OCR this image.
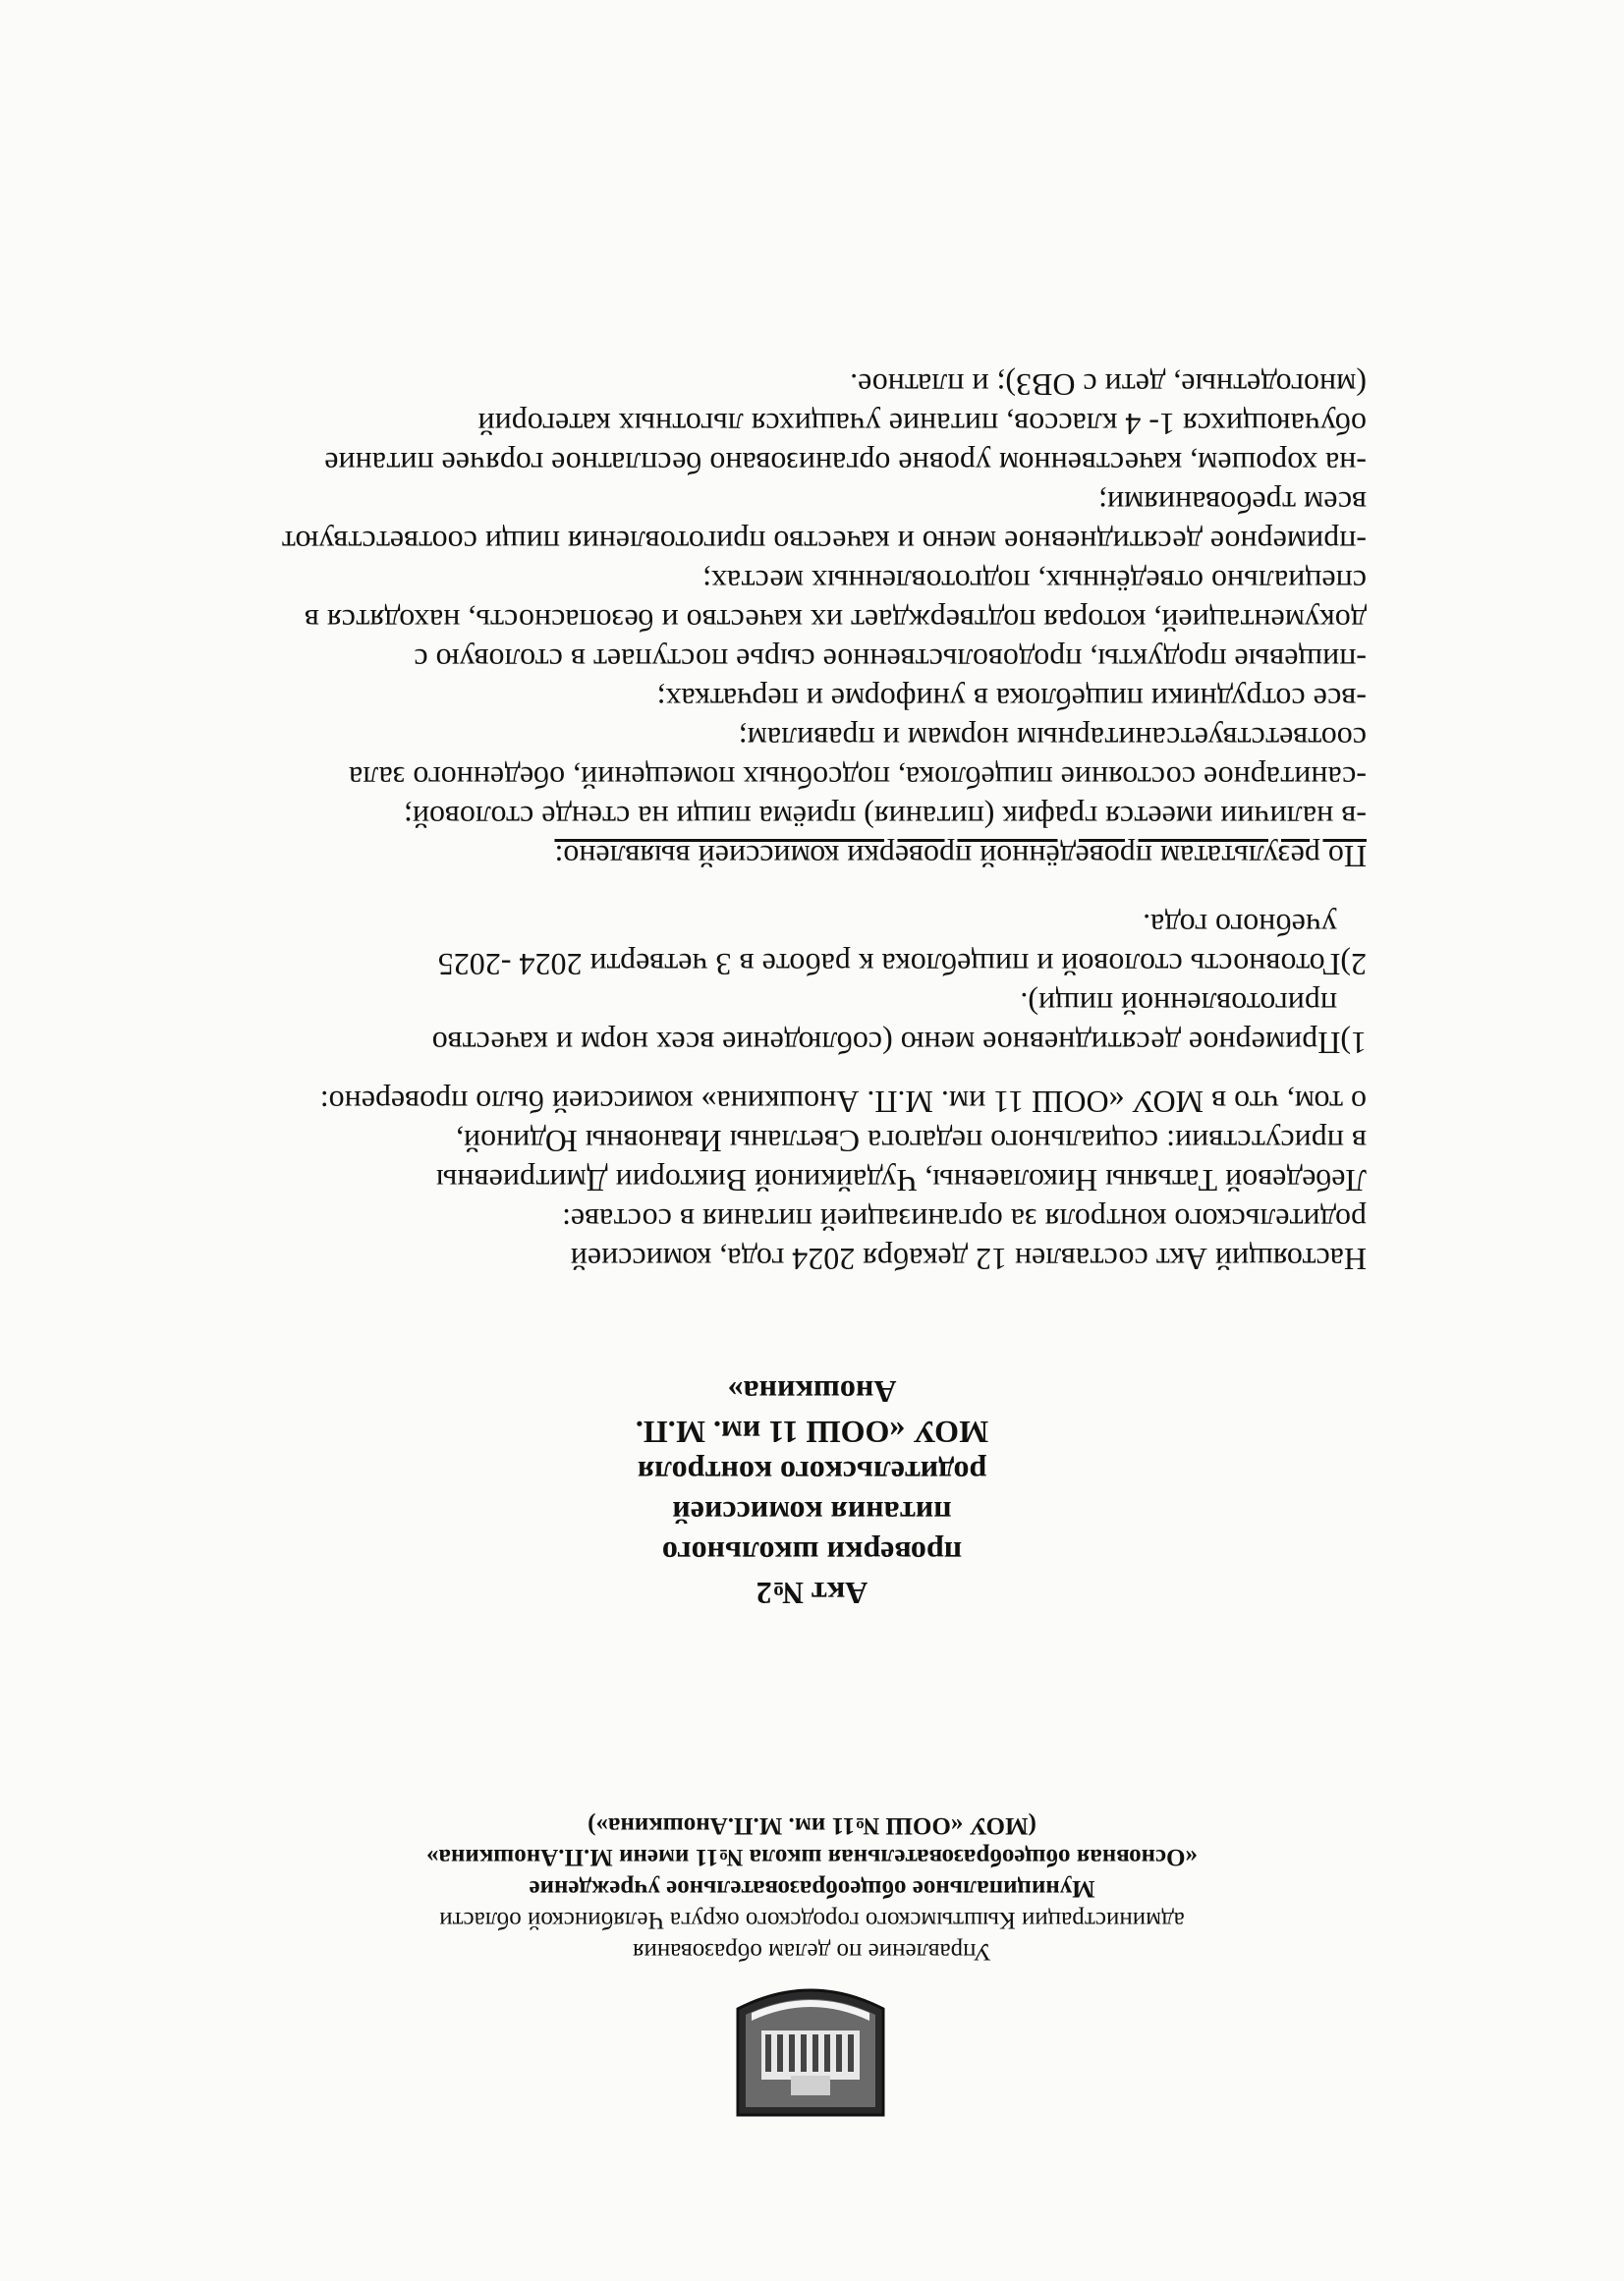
Управление по делам образования
администрации Кыштымского городского округа Челябинской области
Муниципальное общеобразовательное учреждение
«Основная общеобразовательная школа №11 имени М.П.Аношкина»
(МОУ «ООШ №11 им. М.П.Аношкина»)
Акт №2
проверки школьного
питания комиссией
родительского контроля
МОУ «ООШ 11 им. М.П.
Аношкина»

Настоящий Акт составлен 12 декабря 2024 года, комиссией

родительского контроля за организацией питания в составе:

Лебедевой Татьяны Николаевны, Чудайкиной Виктории Дмитриевны

в присутствии: социального педагога Светланы Ивановны Юдиной,

о том, что в МОУ «ООШ 11 им. М.П. Аношкина» комиссией было проверено:

1)Примерное десятидневное меню (соблюдение всех норм и качество

приготовленной пищи).

2)Готовность столовой и пищеблока к работе в 3 четверти 2024 -2025

учебного года.

По результатам проведённой проверки комиссией выявлено:

-в наличии имеется график (питания) приёма пищи на стенде столовой;

-санитарное состояние пищеблока, подсобных помещений, обеденного зала

соответствуетсанитарным нормам и правилам;

-все сотрудники пищеблока в униформе и перчатках;

-пищевые продукты, продовольственное сырье поступает в столовую с

документацией, которая подтверждает их качество и безопасность, находятся в

специально отведённых, подготовленных местах;

-примерное десятидневное меню и качество приготовления пищи соответствуют

всем требованиями;

-на хорошем, качественном уровне организовано бесплатное горячее питание

обучающихся 1- 4 классов, питание учащихся льготных категорий

(многодетные, дети с ОВЗ); и платное.
